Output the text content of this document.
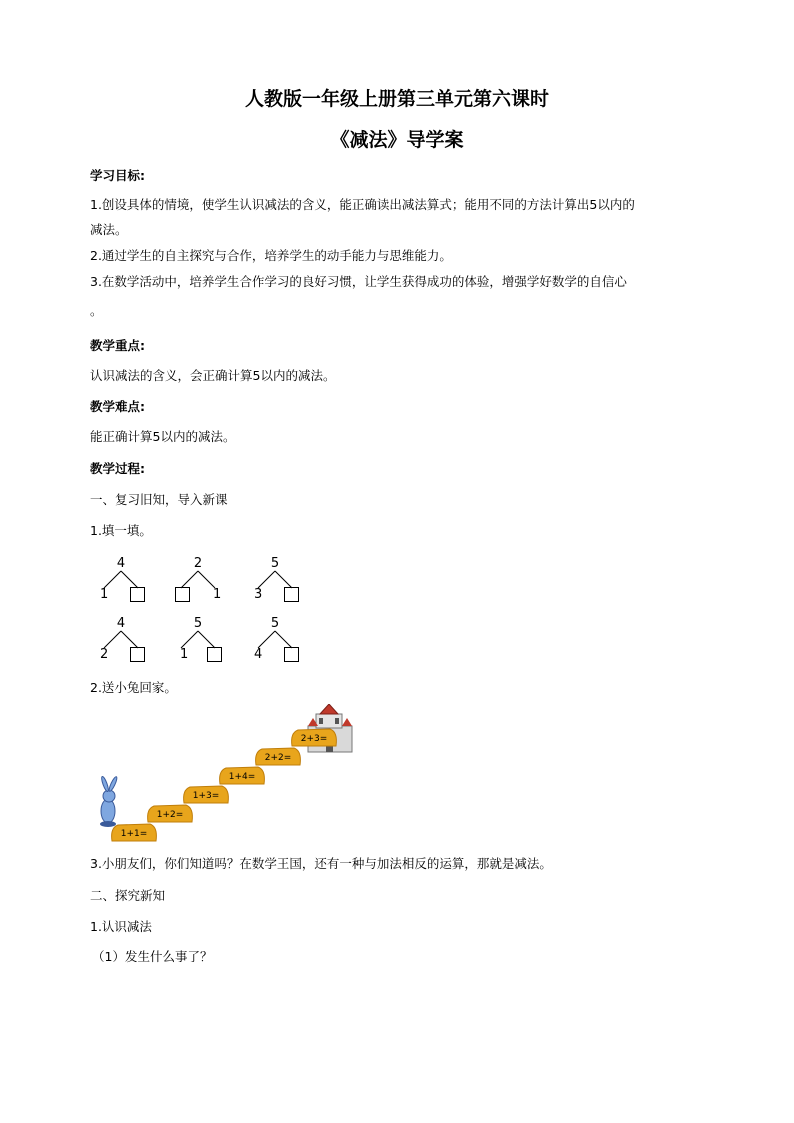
人教版一年级上册第三单元第六课时
《减法》导学案
学习目标:
1.创设具体的情境，使学生认识减法的含义，能正确读出减法算式；能用不同的方法计算出5以内的
减法。
2.通过学生的自主探究与合作，培养学生的动手能力与思维能力。
3.在数学活动中，培养学生合作学习的良好习惯，让学生获得成功的体验，增强学好数学的自信心
。
教学重点:
认识减法的含义，会正确计算5以内的减法。
教学难点:
能正确计算5以内的减法。
教学过程:
一、复习旧知，导入新课
1.填一填。
4
1
2
1
5
3
4
2
5
1
5
4
2.送小兔回家。
1+1=
1+2=
1+3=
1+4=
2+2=
2+3=
3.小朋友们，你们知道吗？在数学王国，还有一种与加法相反的运算，那就是减法。
二、探究新知
1.认识减法
（1）发生什么事了？
